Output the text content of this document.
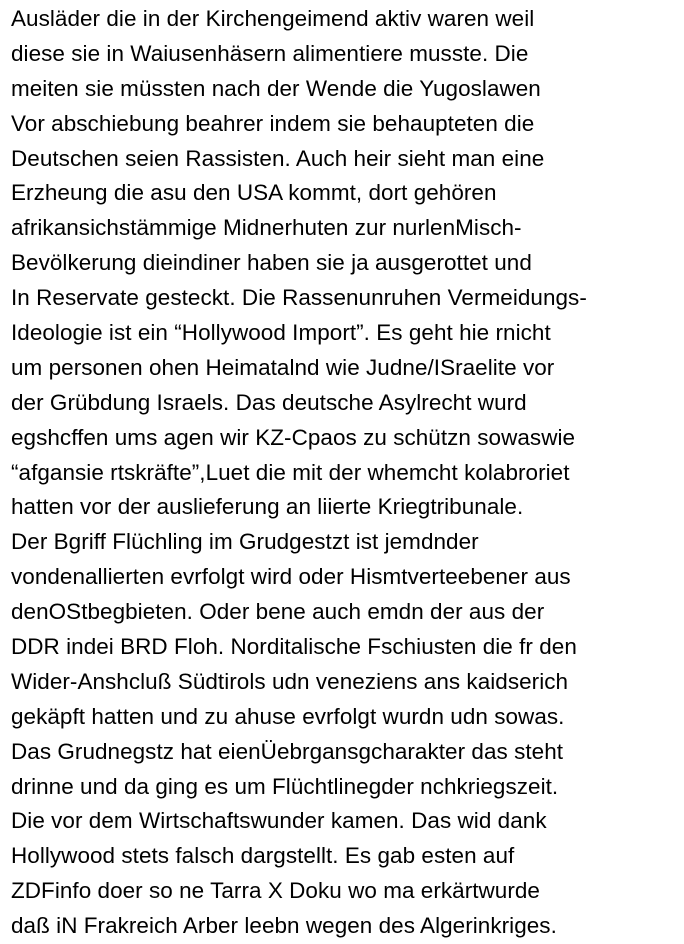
Ausläder die in der Kirchengeimend aktiv waren weil
diese sie in Waiusenhäsern alimentiere musste. Die
meiten sie müssten nach der Wende die Yugoslawen
Vor abschiebung beahrer indem sie behaupteten die
Deutschen seien Rassisten. Auch heir sieht man eine
Erzheung die asu den USA kommt, dort gehören
afrikansichstämmige Midnerhuten zur nurlenMisch-
Bevölkerung dieindiner haben sie ja ausgerottet und
In Reservate gesteckt. Die Rassenunruhen Vermeidungs-
Ideologie ist ein “Hollywood Import”. Es geht hie rnicht
um personen ohen Heimatalnd wie Judne/ISraelite vor
der Grübdung Israels. Das deutsche Asylrecht wurd
egshcffen ums agen wir KZ-Cpaos zu schützn sowaswie
“afgansie rtskräfte”,Luet die mit der whemcht kolabroriet
hatten vor der auslieferung an liierte Kriegtribunale.
Der Bgriff Flüchling im Grudgestzt ist jemdnder
vondenallierten evrfolgt wird oder Hismtverteebener aus
denOStbegbieten. Oder bene auch emdn der aus der
DDR indei BRD Floh. Norditalische Fschiusten die fr den
Wider-Anshcluß Südtirols udn veneziens ans kaidserich
gekäpft hatten und zu ahuse evrfolgt wurdn udn sowas.
Das Grudnegstz hat eienÜebrgansgcharakter das steht
drinne und da ging es um Flüchtlinegder nchkriegszeit.
Die vor dem Wirtschaftswunder kamen. Das wid dank
Hollywood stets falsch dargstellt. Es gab esten auf
ZDFinfo doer so ne Tarra X Doku wo ma erkärtwurde
daß iN Frakreich Arber leebn wegen des Algerinkriges.
